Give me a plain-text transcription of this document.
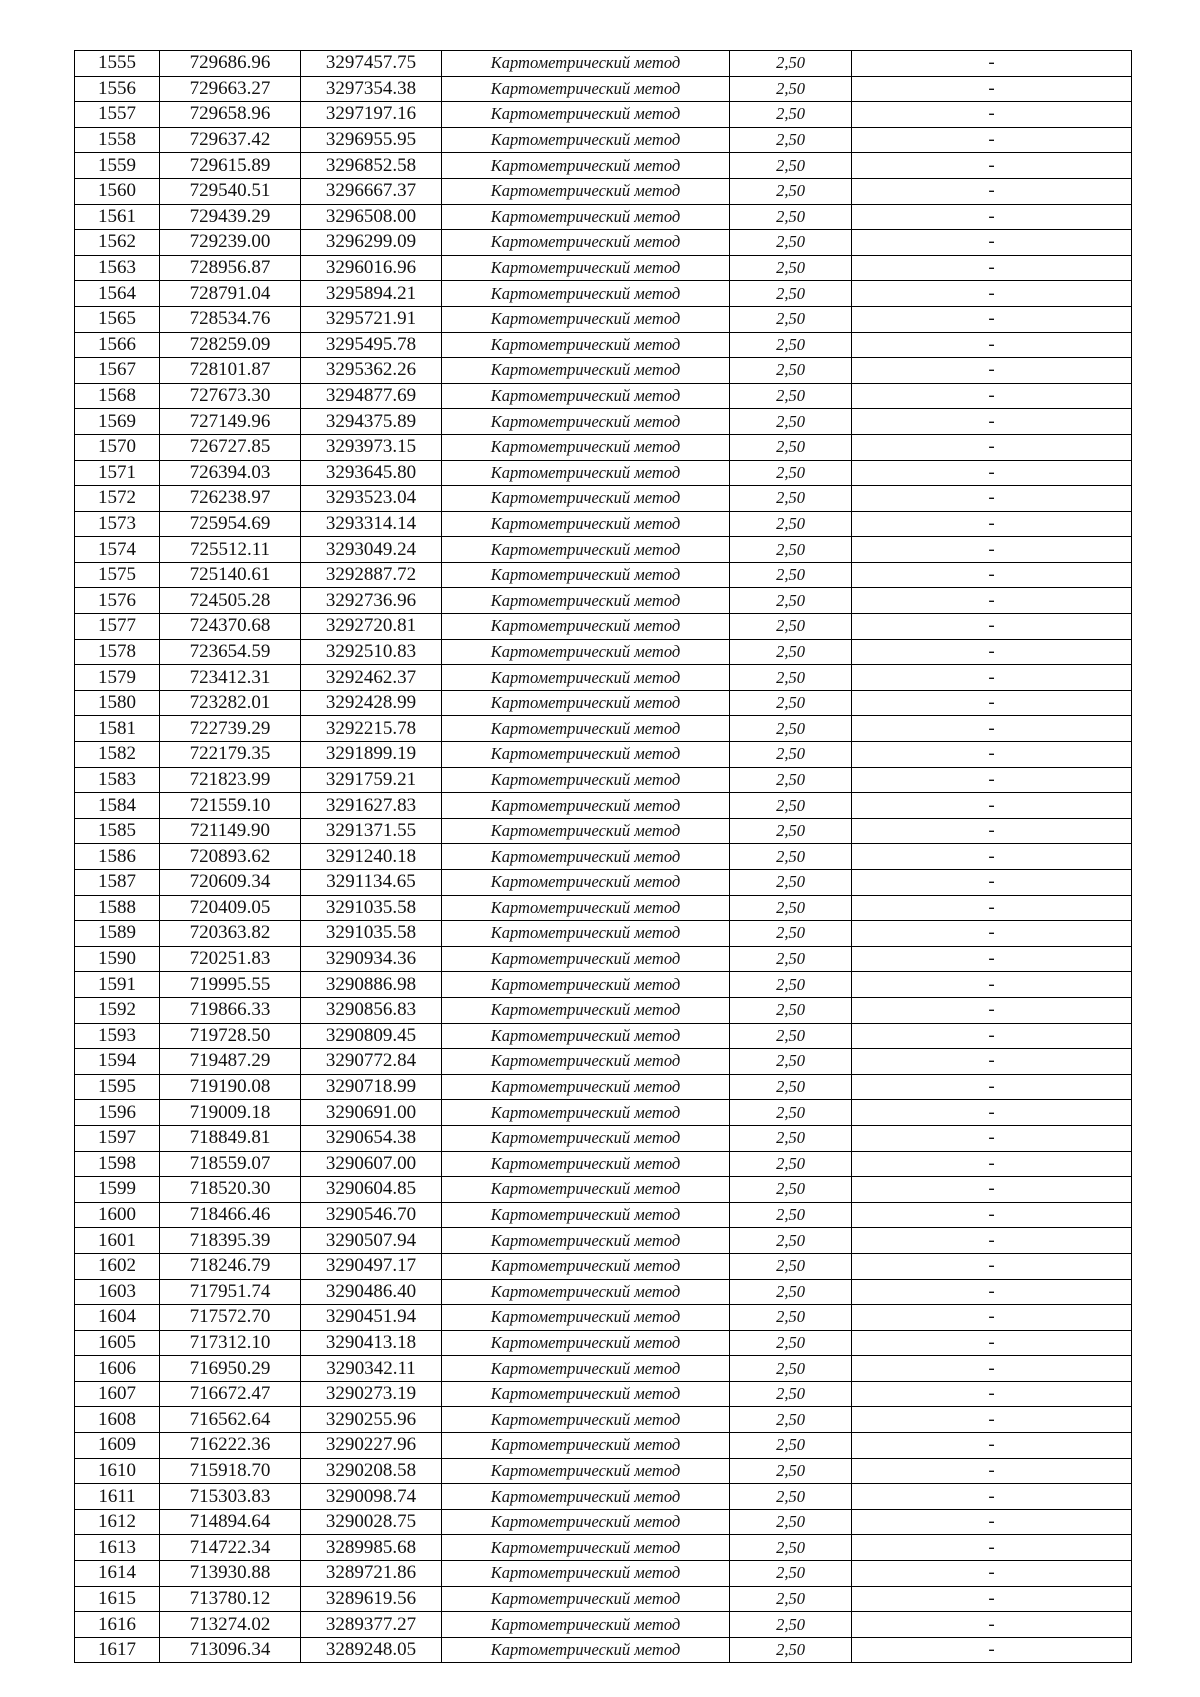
1555	729686.96	3297457.75	Картометрический метод	2,50	-
1556	729663.27	3297354.38	Картометрический метод	2,50	-
1557	729658.96	3297197.16	Картометрический метод	2,50	-
1558	729637.42	3296955.95	Картометрический метод	2,50	-
1559	729615.89	3296852.58	Картометрический метод	2,50	-
1560	729540.51	3296667.37	Картометрический метод	2,50	-
1561	729439.29	3296508.00	Картометрический метод	2,50	-
1562	729239.00	3296299.09	Картометрический метод	2,50	-
1563	728956.87	3296016.96	Картометрический метод	2,50	-
1564	728791.04	3295894.21	Картометрический метод	2,50	-
1565	728534.76	3295721.91	Картометрический метод	2,50	-
1566	728259.09	3295495.78	Картометрический метод	2,50	-
1567	728101.87	3295362.26	Картометрический метод	2,50	-
1568	727673.30	3294877.69	Картометрический метод	2,50	-
1569	727149.96	3294375.89	Картометрический метод	2,50	-
1570	726727.85	3293973.15	Картометрический метод	2,50	-
1571	726394.03	3293645.80	Картометрический метод	2,50	-
1572	726238.97	3293523.04	Картометрический метод	2,50	-
1573	725954.69	3293314.14	Картометрический метод	2,50	-
1574	725512.11	3293049.24	Картометрический метод	2,50	-
1575	725140.61	3292887.72	Картометрический метод	2,50	-
1576	724505.28	3292736.96	Картометрический метод	2,50	-
1577	724370.68	3292720.81	Картометрический метод	2,50	-
1578	723654.59	3292510.83	Картометрический метод	2,50	-
1579	723412.31	3292462.37	Картометрический метод	2,50	-
1580	723282.01	3292428.99	Картометрический метод	2,50	-
1581	722739.29	3292215.78	Картометрический метод	2,50	-
1582	722179.35	3291899.19	Картометрический метод	2,50	-
1583	721823.99	3291759.21	Картометрический метод	2,50	-
1584	721559.10	3291627.83	Картометрический метод	2,50	-
1585	721149.90	3291371.55	Картометрический метод	2,50	-
1586	720893.62	3291240.18	Картометрический метод	2,50	-
1587	720609.34	3291134.65	Картометрический метод	2,50	-
1588	720409.05	3291035.58	Картометрический метод	2,50	-
1589	720363.82	3291035.58	Картометрический метод	2,50	-
1590	720251.83	3290934.36	Картометрический метод	2,50	-
1591	719995.55	3290886.98	Картометрический метод	2,50	-
1592	719866.33	3290856.83	Картометрический метод	2,50	-
1593	719728.50	3290809.45	Картометрический метод	2,50	-
1594	719487.29	3290772.84	Картометрический метод	2,50	-
1595	719190.08	3290718.99	Картометрический метод	2,50	-
1596	719009.18	3290691.00	Картометрический метод	2,50	-
1597	718849.81	3290654.38	Картометрический метод	2,50	-
1598	718559.07	3290607.00	Картометрический метод	2,50	-
1599	718520.30	3290604.85	Картометрический метод	2,50	-
1600	718466.46	3290546.70	Картометрический метод	2,50	-
1601	718395.39	3290507.94	Картометрический метод	2,50	-
1602	718246.79	3290497.17	Картометрический метод	2,50	-
1603	717951.74	3290486.40	Картометрический метод	2,50	-
1604	717572.70	3290451.94	Картометрический метод	2,50	-
1605	717312.10	3290413.18	Картометрический метод	2,50	-
1606	716950.29	3290342.11	Картометрический метод	2,50	-
1607	716672.47	3290273.19	Картометрический метод	2,50	-
1608	716562.64	3290255.96	Картометрический метод	2,50	-
1609	716222.36	3290227.96	Картометрический метод	2,50	-
1610	715918.70	3290208.58	Картометрический метод	2,50	-
1611	715303.83	3290098.74	Картометрический метод	2,50	-
1612	714894.64	3290028.75	Картометрический метод	2,50	-
1613	714722.34	3289985.68	Картометрический метод	2,50	-
1614	713930.88	3289721.86	Картометрический метод	2,50	-
1615	713780.12	3289619.56	Картометрический метод	2,50	-
1616	713274.02	3289377.27	Картометрический метод	2,50	-
1617	713096.34	3289248.05	Картометрический метод	2,50	-
